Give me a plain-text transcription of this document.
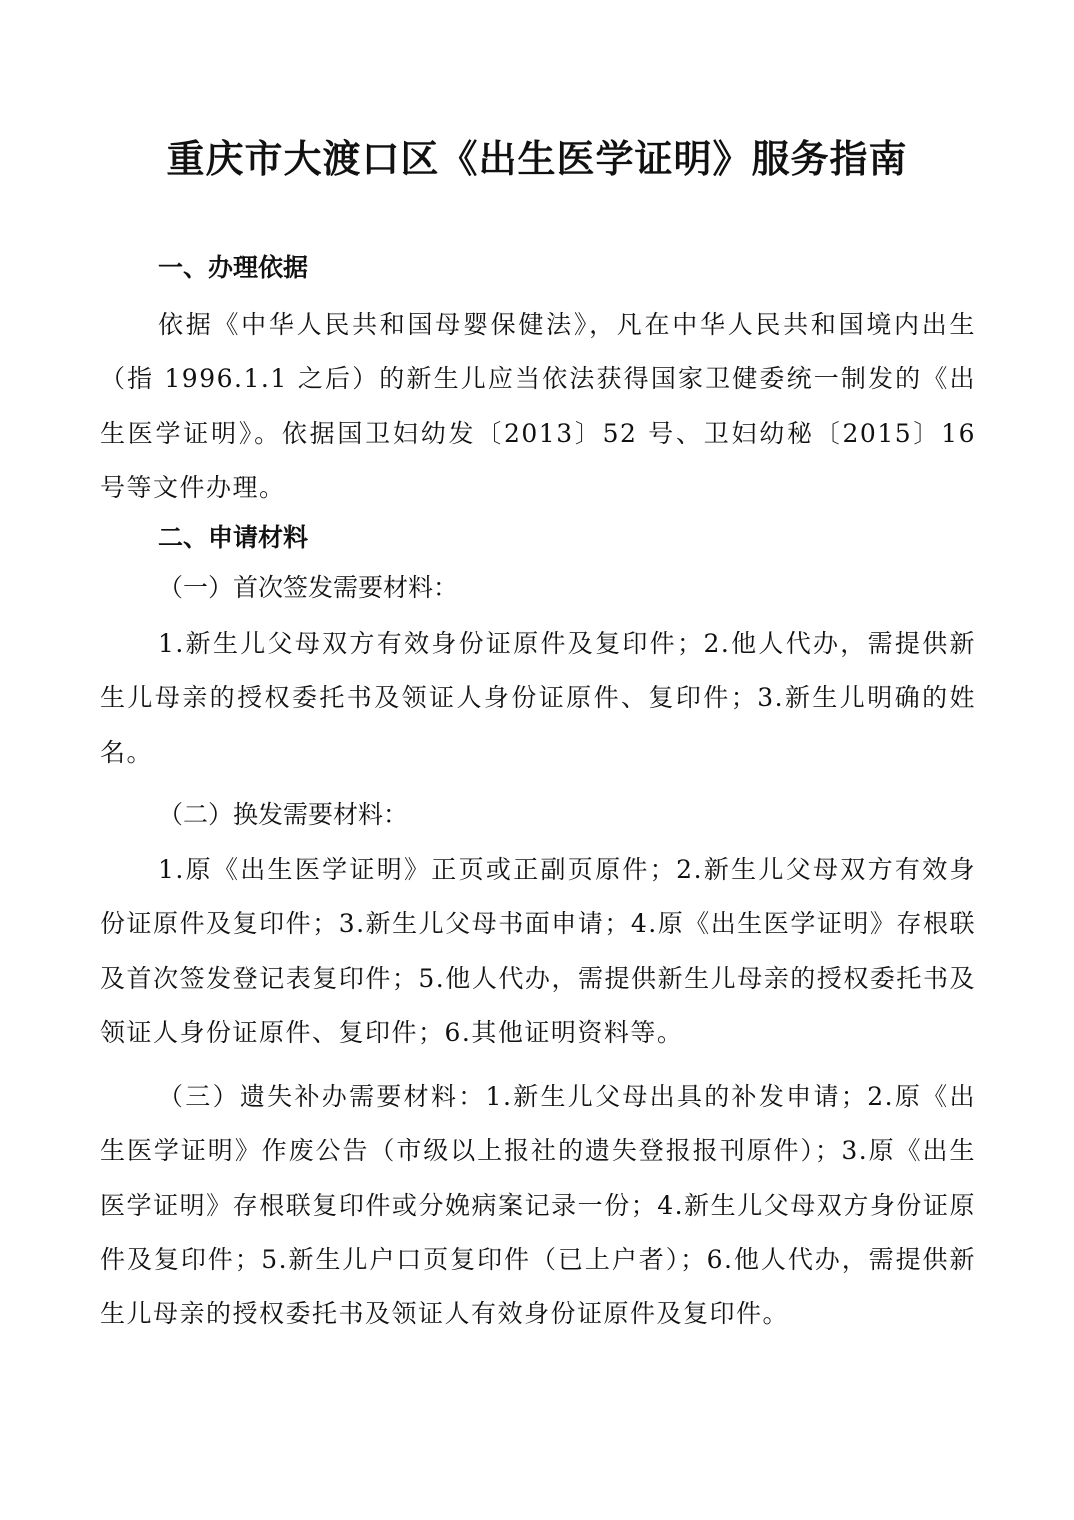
重庆市大渡口区《出生医学证明》服务指南
一、办理依据

依据《中华人民共和国母婴保健法》，凡在中华人民共和国境内出生（指 1996.1.1 之后）的新生儿应当依法获得国家卫健委统一制发的《出生医学证明》。依据国卫妇幼发〔2013〕52 号、卫妇幼秘〔2015〕16 号等文件办理。

二、申请材料
（一）首次签发需要材料：

1.新生儿父母双方有效身份证原件及复印件；2.他人代办，需提供新生儿母亲的授权委托书及领证人身份证原件、复印件；3.新生儿明确的姓名。

（二）换发需要材料：

1.原《出生医学证明》正页或正副页原件；2.新生儿父母双方有效身份证原件及复印件；3.新生儿父母书面申请；4.原《出生医学证明》存根联及首次签发登记表复印件；5.他人代办，需提供新生儿母亲的授权委托书及领证人身份证原件、复印件；6.其他证明资料等。

（三）遗失补办需要材料：1.新生儿父母出具的补发申请；2.原《出生医学证明》作废公告（市级以上报社的遗失登报报刊原件）；3.原《出生医学证明》存根联复印件或分娩病案记录一份；4.新生儿父母双方身份证原件及复印件；5.新生儿户口页复印件（已上户者）；6.他人代办，需提供新生儿母亲的授权委托书及领证人有效身份证原件及复印件。
